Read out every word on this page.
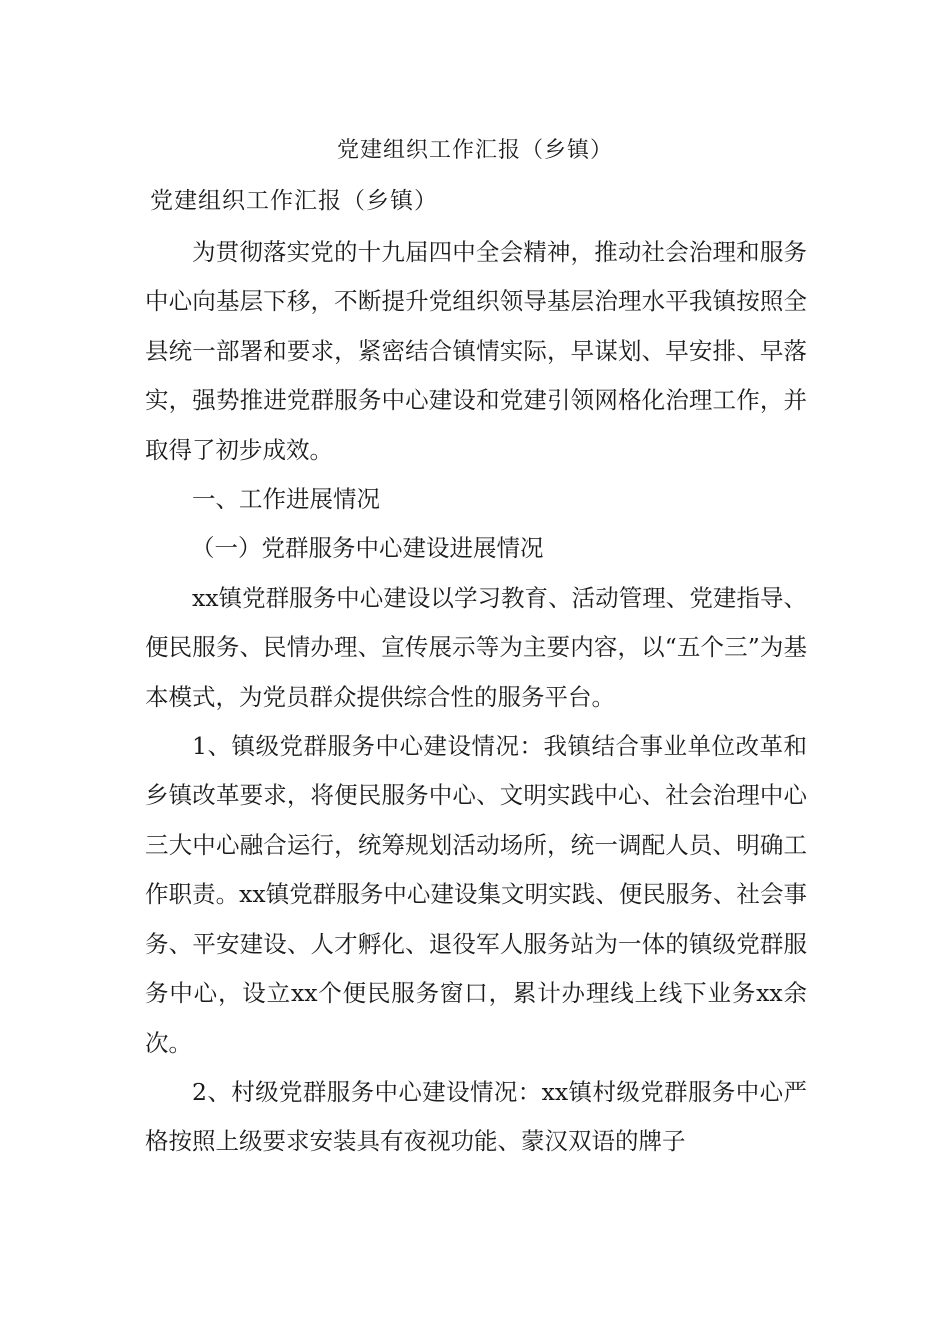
党建组织工作汇报（乡镇）
党建组织工作汇报（乡镇）

为贯彻落实党的十九届四中全会精神，推动社会治理和服务中心向基层下移，不断提升党组织领导基层治理水平我镇按照全县统一部署和要求，紧密结合镇情实际，早谋划、早安排、早落实，强势推进党群服务中心建设和党建引领网格化治理工作，并取得了初步成效。

一、工作进展情况

（一）党群服务中心建设进展情况

xx镇党群服务中心建设以学习教育、活动管理、党建指导、便民服务、民情办理、宣传展示等为主要内容，以“五个三”为基本模式，为党员群众提供综合性的服务平台。

1、镇级党群服务中心建设情况：我镇结合事业单位改革和乡镇改革要求，将便民服务中心、文明实践中心、社会治理中心三大中心融合运行，统筹规划活动场所，统一调配人员、明确工作职责。xx镇党群服务中心建设集文明实践、便民服务、社会事务、平安建设、人才孵化、退役军人服务站为一体的镇级党群服务中心，设立xx个便民服务窗口，累计办理线上线下业务xx余次。

2、村级党群服务中心建设情况：xx镇村级党群服务中心严格按照上级要求安装具有夜视功能、蒙汉双语的牌子
